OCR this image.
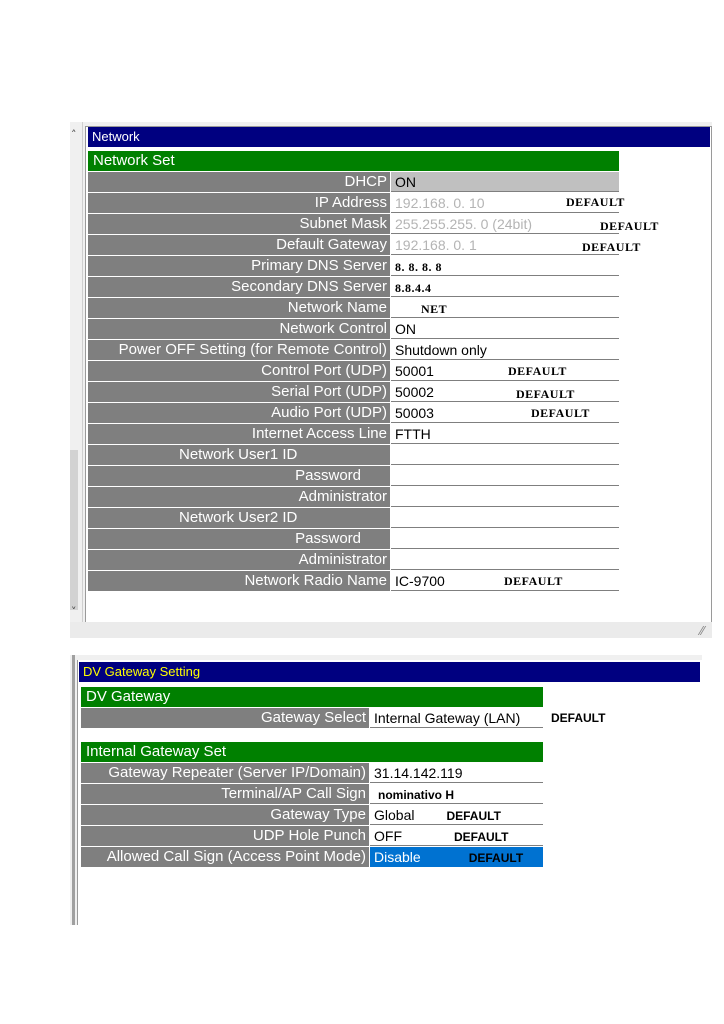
˄
˅
Network
Network Set
⁄⁄
DHCP ON
IP Address 192.168. 0. 10	DEFAULT
Subnet Mask 255.255.255. 0 (24bit)	DEFAULT
Default Gateway 192.168. 0. 1	DEFAULT
Primary DNS Server 8. 8. 8. 8
Secondary DNS Server 8.8.4.4
Network Name	NET
Network Control ON
Power OFF Setting (for Remote Control) Shutdown only
Control Port (UDP) 50001	DEFAULT
Serial Port (UDP) 50002	DEFAULT
Audio Port (UDP) 50003	DEFAULT
Internet Access Line FTTH
Network User1 ID
Password
Administrator
Network User2 ID
Password
Administrator
Network Radio Name IC-9700	DEFAULT
DV Gateway Setting
DV Gateway
Gateway Select Internal Gateway (LAN)	DEFAULT
Internal Gateway Set
Gateway Repeater (Server IP/Domain) 31.14.142.119
Terminal/AP Call Sign	nominativo H
Gateway Type Global	DEFAULT
UDP Hole Punch OFF	DEFAULT
Allowed Call Sign (Access Point Mode) Disable	DEFAULT
